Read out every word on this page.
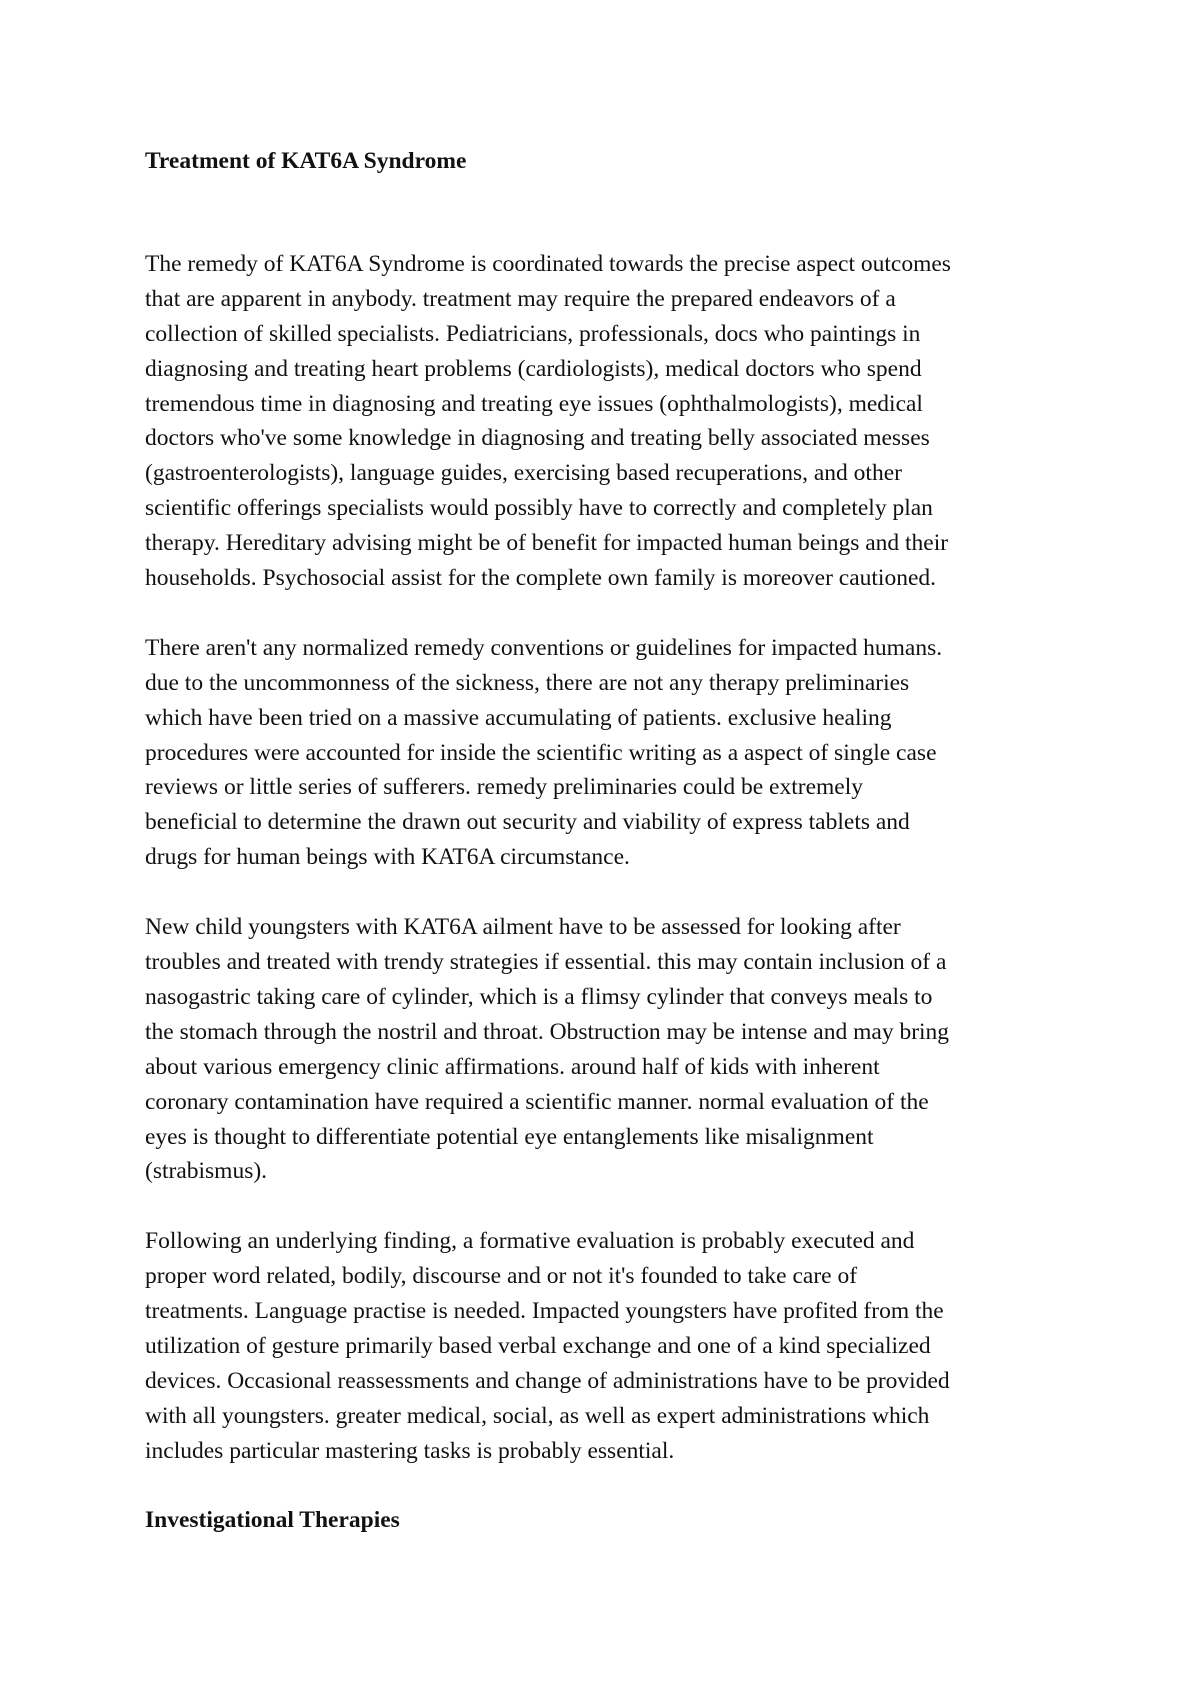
Treatment of KAT6A Syndrome

The remedy of KAT6A Syndrome is coordinated towards the precise aspect outcomes
that are apparent in anybody. treatment may require the prepared endeavors of a
collection of skilled specialists. Pediatricians, professionals, docs who paintings in
diagnosing and treating heart problems (cardiologists), medical doctors who spend
tremendous time in diagnosing and treating eye issues (ophthalmologists), medical
doctors who've some knowledge in diagnosing and treating belly associated messes
(gastroenterologists), language guides, exercising based recuperations, and other
scientific offerings specialists would possibly have to correctly and completely plan
therapy. Hereditary advising might be of benefit for impacted human beings and their
households. Psychosocial assist for the complete own family is moreover cautioned.

There aren't any normalized remedy conventions or guidelines for impacted humans.
due to the uncommonness of the sickness, there are not any therapy preliminaries
which have been tried on a massive accumulating of patients. exclusive healing
procedures were accounted for inside the scientific writing as a aspect of single case
reviews or little series of sufferers. remedy preliminaries could be extremely
beneficial to determine the drawn out security and viability of express tablets and
drugs for human beings with KAT6A circumstance.

New child youngsters with KAT6A ailment have to be assessed for looking after
troubles and treated with trendy strategies if essential. this may contain inclusion of a
nasogastric taking care of cylinder, which is a flimsy cylinder that conveys meals to
the stomach through the nostril and throat. Obstruction may be intense and may bring
about various emergency clinic affirmations. around half of kids with inherent
coronary contamination have required a scientific manner. normal evaluation of the
eyes is thought to differentiate potential eye entanglements like misalignment
(strabismus).

Following an underlying finding, a formative evaluation is probably executed and
proper word related, bodily, discourse and or not it's founded to take care of
treatments. Language practise is needed. Impacted youngsters have profited from the
utilization of gesture primarily based verbal exchange and one of a kind specialized
devices. Occasional reassessments and change of administrations have to be provided
with all youngsters. greater medical, social, as well as expert administrations which
includes particular mastering tasks is probably essential.

Investigational Therapies
